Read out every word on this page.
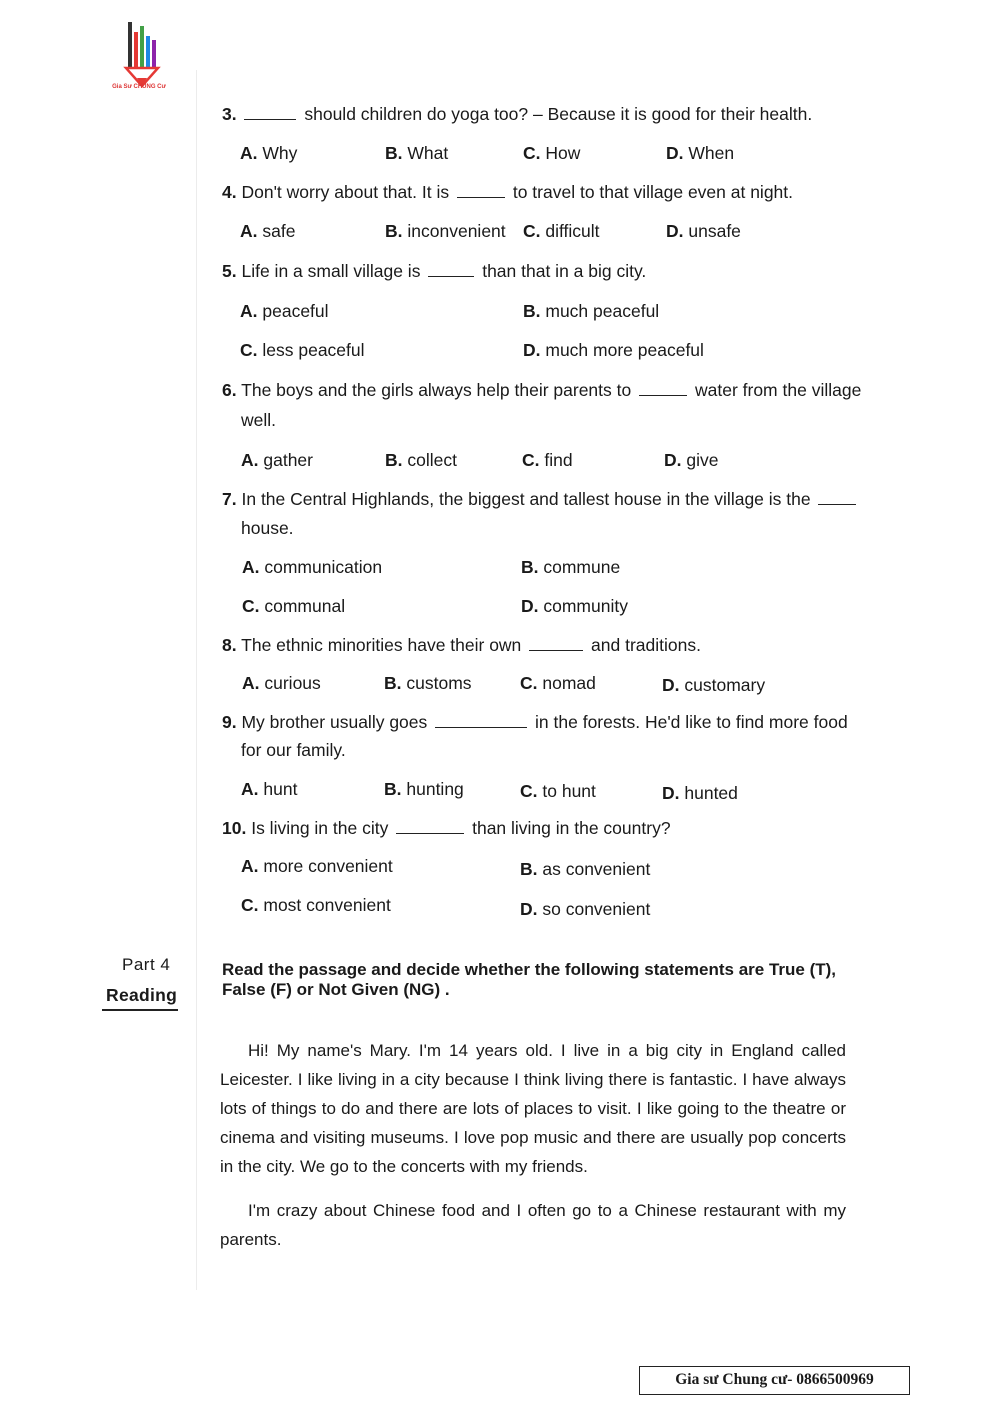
Gia Sư CHUNG Cư
3.	should children do yoga too? – Because it is good for their health.
A. Why	B. What	C. How	D. When
4. Don't worry about that. It is	to travel to that village even at night.
A. safe	B. inconvenient C. difficult	D. unsafe
5. Life in a small village is	than that in a big city.
A. peaceful	B. much peaceful
C. less peaceful	D. much more peaceful
6. The boys and the girls always help their parents to	water from the village
well.
A. gather	B. collect	C. find	D. give
7. In the Central Highlands, the biggest and tallest house in the village is the
house.
A. communication	B. commune
C. communal	D. community
8. The ethnic minorities have their own	and traditions.
A. curious	B. customs	C. nomad	D. customary
9. My brother usually goes	in the forests. He'd like to find more food
for our family.
A. hunt	B. hunting	C. to hunt	D. hunted
10. Is living in the city	than living in the country?
A. more convenient	B. as convenient
C. most convenient	D. so convenient
Part 4
Reading
Read the passage and decide whether the following statements are True (T), False (F) or Not Given (NG) .
Hi! My name's Mary. I'm 14 years old. I live in a big city in England called Leicester. I like living in a city because I think living there is fantastic. I have always lots of things to do and there are lots of places to visit. I like going to the theatre or cinema and visiting museums. I love pop music and there are usually pop concerts in the city. We go to the concerts with my friends.
I'm crazy about Chinese food and I often go to a Chinese restaurant with my parents.
Gia sư Chung cư- 0866500969
